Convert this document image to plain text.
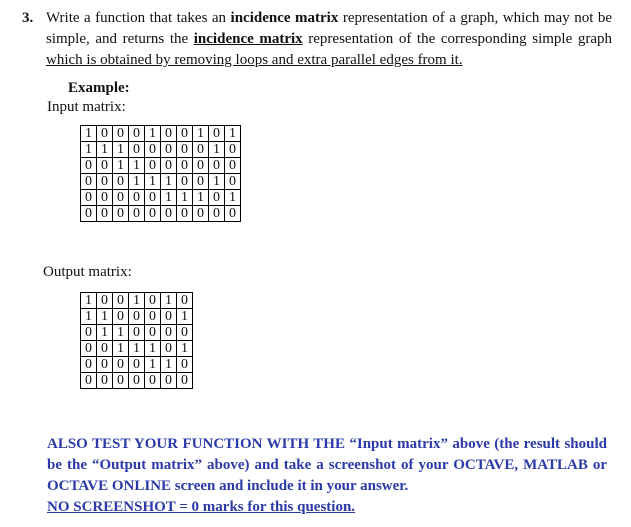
3. Write a function that takes an incidence matrix representation of a graph, which may not be simple, and returns the incidence matrix representation of the corresponding simple graph which is obtained by removing loops and extra parallel edges from it.
Example:
Input matrix:
1	0	0	0	1	0	0	1	0	1
1	1	1	0	0	0	0	0	1	0
0	0	1	1	0	0	0	0	0	0
0	0	0	1	1	1	0	0	1	0
0	0	0	0	0	1	1	1	0	1
0	0	0	0	0	0	0	0	0	0
Output matrix:
1	0	0	1	0	1	0
1	1	0	0	0	0	1
0	1	1	0	0	0	0
0	0	1	1	1	0	1
0	0	0	0	1	1	0
0	0	0	0	0	0	0
ALSO TEST YOUR FUNCTION WITH THE “Input matrix” above (the result should be the “Output matrix” above) and take a screenshot of your OCTAVE, MATLAB or OCTAVE ONLINE screen and include it in your answer.
NO SCREENSHOT = 0 marks for this question.
